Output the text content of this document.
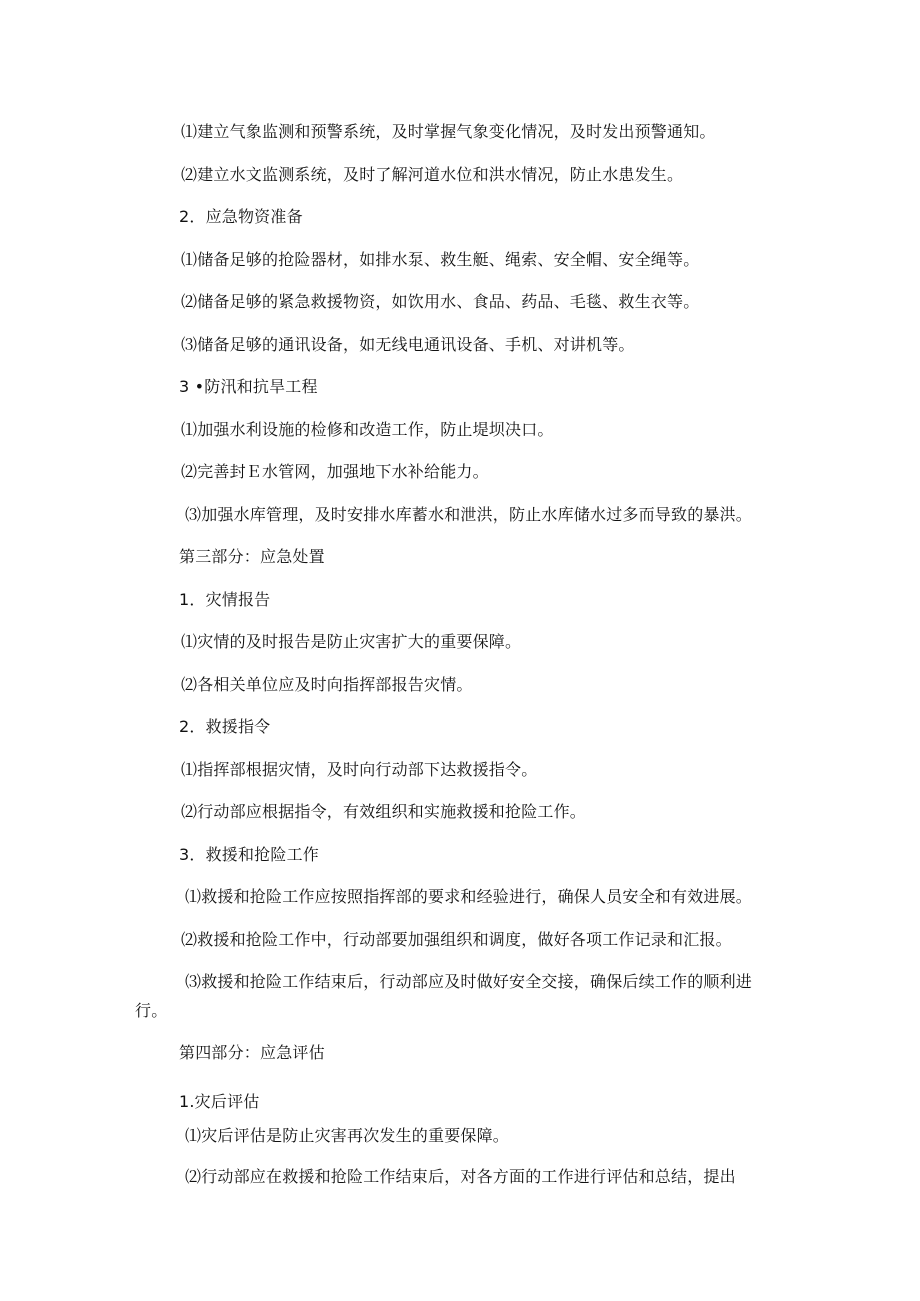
⑴建立气象监测和预警系统，及时掌握气象变化情况，及时发出预警通知。
⑵建立水文监测系统，及时了解河道水位和洪水情况，防止水患发生。
2．应急物资准备
⑴储备足够的抢险器材，如排水泵、救生艇、绳索、安全帽、安全绳等。
⑵储备足够的紧急救援物资，如饮用水、食品、药品、毛毯、救生衣等。
⑶储备足够的通讯设备，如无线电通讯设备、手机、对讲机等。
3 •防汛和抗旱工程
⑴加强水利设施的检修和改造工作，防止堤坝决口。
⑵完善封Ｅ水管网，加强地下水补给能力。
⑶加强水库管理，及时安排水库蓄水和泄洪，防止水库储水过多而导致的暴洪。
第三部分：应急处置
1．灾情报告
⑴灾情的及时报告是防止灾害扩大的重要保障。
⑵各相关单位应及时向指挥部报告灾情。
2．救援指令
⑴指挥部根据灾情，及时向行动部下达救援指令。
⑵行动部应根据指令，有效组织和实施救援和抢险工作。
3．救援和抢险工作
⑴救援和抢险工作应按照指挥部的要求和经验进行，确保人员安全和有效进展。
⑵救援和抢险工作中，行动部要加强组织和调度，做好各项工作记录和汇报。
⑶救援和抢险工作结束后，行动部应及时做好安全交接，确保后续工作的顺利进
行。
第四部分：应急评估
1.灾后评估
⑴灾后评估是防止灾害再次发生的重要保障。
⑵行动部应在救援和抢险工作结束后，对各方面的工作进行评估和总结，提出
